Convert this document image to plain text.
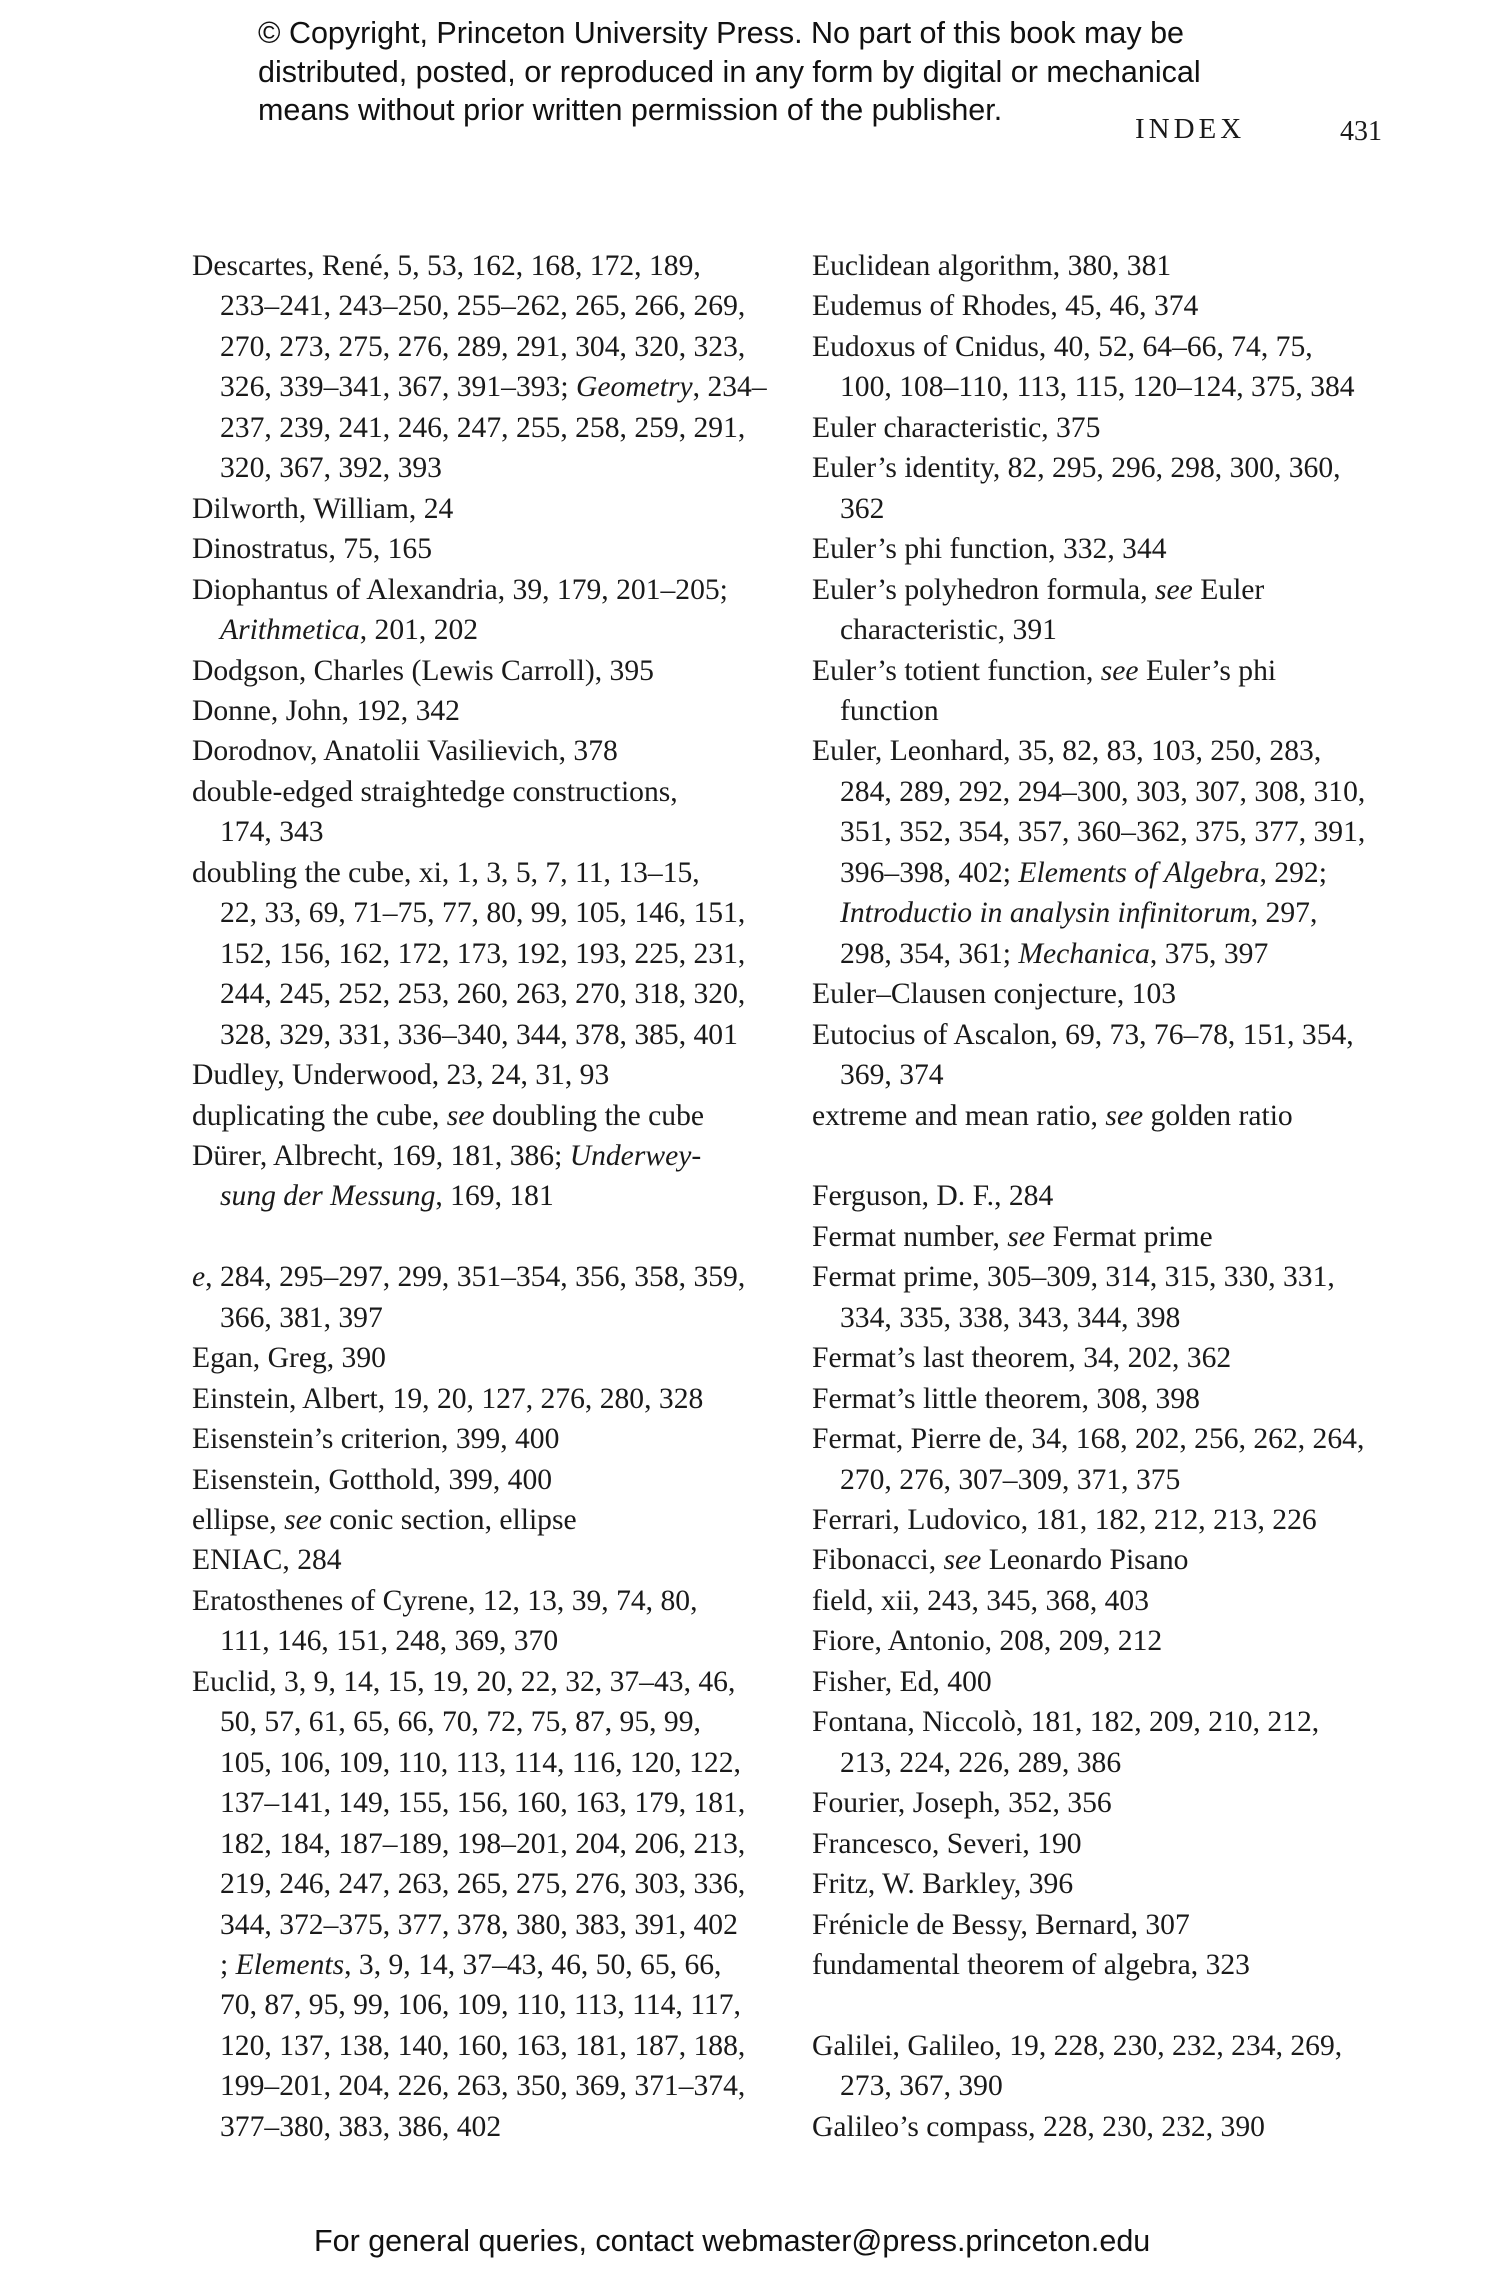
© Copyright, Princeton University Press. No part of this book may be
distributed, posted, or reproduced in any form by digital or mechanical
means without prior written permission of the publisher.
INDEX	431
Descartes, René, 5, 53, 162, 168, 172, 189,
233–241, 243–250, 255–262, 265, 266, 269,
270, 273, 275, 276, 289, 291, 304, 320, 323,
326, 339–341, 367, 391–393; Geometry, 234–
237, 239, 241, 246, 247, 255, 258, 259, 291,
320, 367, 392, 393
Dilworth, William, 24
Dinostratus, 75, 165
Diophantus of Alexandria, 39, 179, 201–205;
Arithmetica, 201, 202
Dodgson, Charles (Lewis Carroll), 395
Donne, John, 192, 342
Dorodnov, Anatolii Vasilievich, 378
double-edged straightedge constructions,
174, 343
doubling the cube, xi, 1, 3, 5, 7, 11, 13–15,
22, 33, 69, 71–75, 77, 80, 99, 105, 146, 151,
152, 156, 162, 172, 173, 192, 193, 225, 231,
244, 245, 252, 253, 260, 263, 270, 318, 320,
328, 329, 331, 336–340, 344, 378, 385, 401
Dudley, Underwood, 23, 24, 31, 93
duplicating the cube, see doubling the cube
Dürer, Albrecht, 169, 181, 386; Underwey-
sung der Messung, 169, 181
e, 284, 295–297, 299, 351–354, 356, 358, 359,
366, 381, 397
Egan, Greg, 390
Einstein, Albert, 19, 20, 127, 276, 280, 328
Eisenstein’s criterion, 399, 400
Eisenstein, Gotthold, 399, 400
ellipse, see conic section, ellipse
ENIAC, 284
Eratosthenes of Cyrene, 12, 13, 39, 74, 80,
111, 146, 151, 248, 369, 370
Euclid, 3, 9, 14, 15, 19, 20, 22, 32, 37–43, 46,
50, 57, 61, 65, 66, 70, 72, 75, 87, 95, 99,
105, 106, 109, 110, 113, 114, 116, 120, 122,
137–141, 149, 155, 156, 160, 163, 179, 181,
182, 184, 187–189, 198–201, 204, 206, 213,
219, 246, 247, 263, 265, 275, 276, 303, 336,
344, 372–375, 377, 378, 380, 383, 391, 402
; Elements, 3, 9, 14, 37–43, 46, 50, 65, 66,
70, 87, 95, 99, 106, 109, 110, 113, 114, 117,
120, 137, 138, 140, 160, 163, 181, 187, 188,
199–201, 204, 226, 263, 350, 369, 371–374,
377–380, 383, 386, 402
Euclidean algorithm, 380, 381
Eudemus of Rhodes, 45, 46, 374
Eudoxus of Cnidus, 40, 52, 64–66, 74, 75,
100, 108–110, 113, 115, 120–124, 375, 384
Euler characteristic, 375
Euler’s identity, 82, 295, 296, 298, 300, 360,
362
Euler’s phi function, 332, 344
Euler’s polyhedron formula, see Euler
characteristic, 391
Euler’s totient function, see Euler’s phi
function
Euler, Leonhard, 35, 82, 83, 103, 250, 283,
284, 289, 292, 294–300, 303, 307, 308, 310,
351, 352, 354, 357, 360–362, 375, 377, 391,
396–398, 402; Elements of Algebra, 292;
Introductio in analysin infinitorum, 297,
298, 354, 361; Mechanica, 375, 397
Euler–Clausen conjecture, 103
Eutocius of Ascalon, 69, 73, 76–78, 151, 354,
369, 374
extreme and mean ratio, see golden ratio
Ferguson, D. F., 284
Fermat number, see Fermat prime
Fermat prime, 305–309, 314, 315, 330, 331,
334, 335, 338, 343, 344, 398
Fermat’s last theorem, 34, 202, 362
Fermat’s little theorem, 308, 398
Fermat, Pierre de, 34, 168, 202, 256, 262, 264,
270, 276, 307–309, 371, 375
Ferrari, Ludovico, 181, 182, 212, 213, 226
Fibonacci, see Leonardo Pisano
field, xii, 243, 345, 368, 403
Fiore, Antonio, 208, 209, 212
Fisher, Ed, 400
Fontana, Niccolò, 181, 182, 209, 210, 212,
213, 224, 226, 289, 386
Fourier, Joseph, 352, 356
Francesco, Severi, 190
Fritz, W. Barkley, 396
Frénicle de Bessy, Bernard, 307
fundamental theorem of algebra, 323
Galilei, Galileo, 19, 228, 230, 232, 234, 269,
273, 367, 390
Galileo’s compass, 228, 230, 232, 390
For general queries, contact webmaster@press.princeton.edu
